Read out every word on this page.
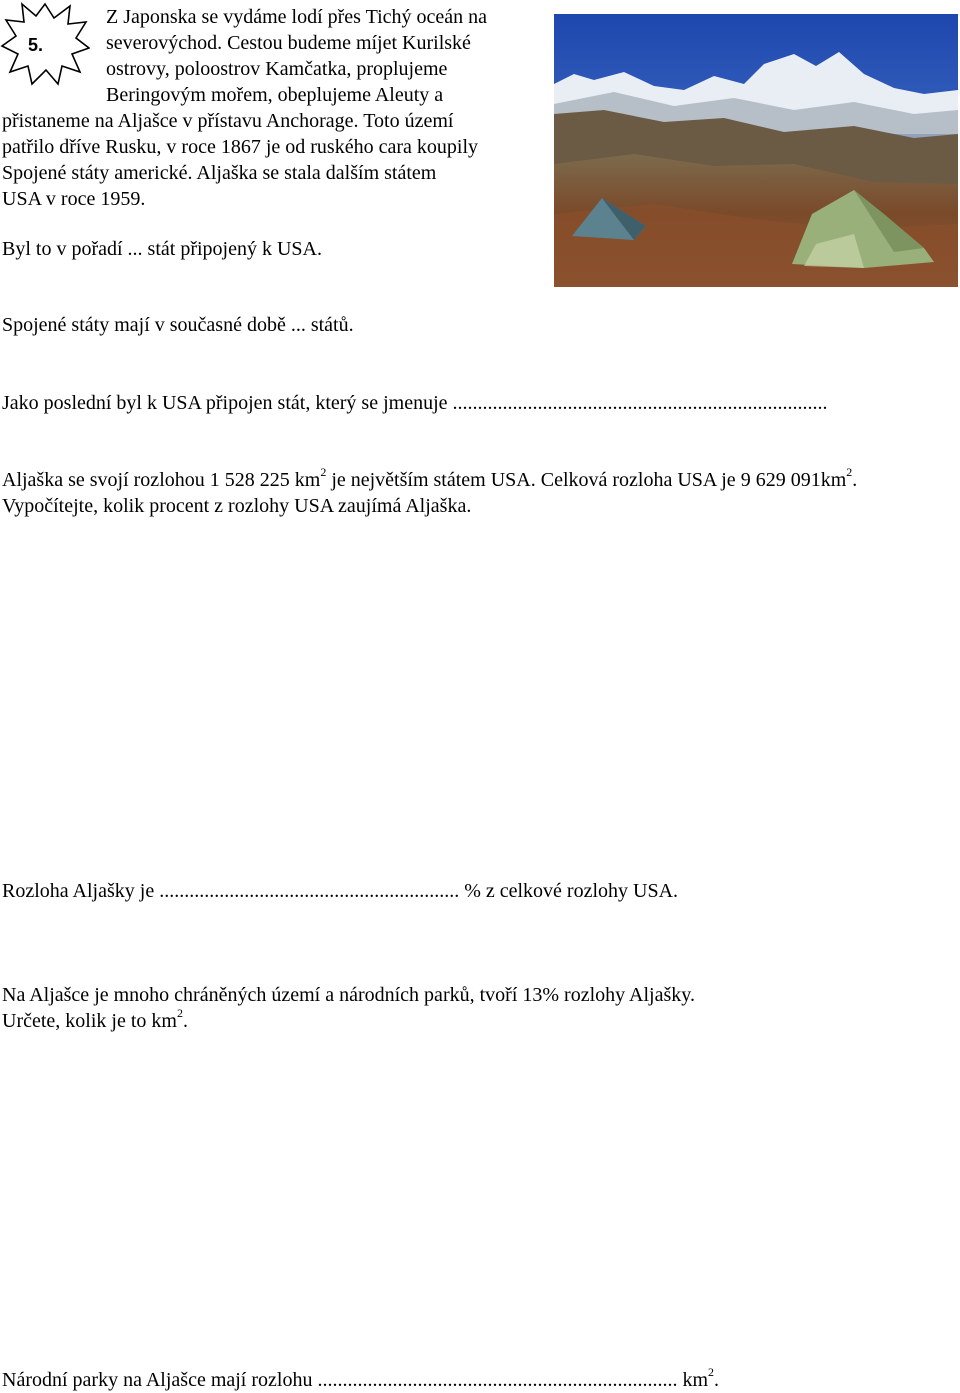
5.
Z Japonska se vydáme lodí přes Tichý oceán na
severovýchod. Cestou budeme míjet Kurilské
ostrovy, poloostrov Kamčatka, proplujeme
Beringovým mořem, obeplujeme Aleuty a
přistaneme na Aljašce v přístavu Anchorage. Toto území
patřilo dříve Rusku, v roce 1867 je od ruského cara koupily
Spojené státy americké. Aljaška se stala dalším státem
USA v roce 1959.
Byl to v pořadí ... stát připojený k USA.
Spojené státy mají v současné době ... států.
Jako poslední byl k USA připojen stát, který se jmenuje ...........................................................................
Aljaška se svojí rozlohou 1 528 225 $km^2$ je největším státem USA. Celková rozloha USA je 9 629 $091km^2$.
Vypočítejte, kolik procent z rozlohy USA zaujímá Aljaška.
Rozloha Aljašky je ............................................................ % z celkové rozlohy USA.
Na Aljašce je mnoho chráněných území a národních parků, tvoří 13% rozlohy Aljašky.
Určete, kolik je to $km^2$.
Národní parky na Aljašce mají rozlohu ........................................................................ $km^2$.
